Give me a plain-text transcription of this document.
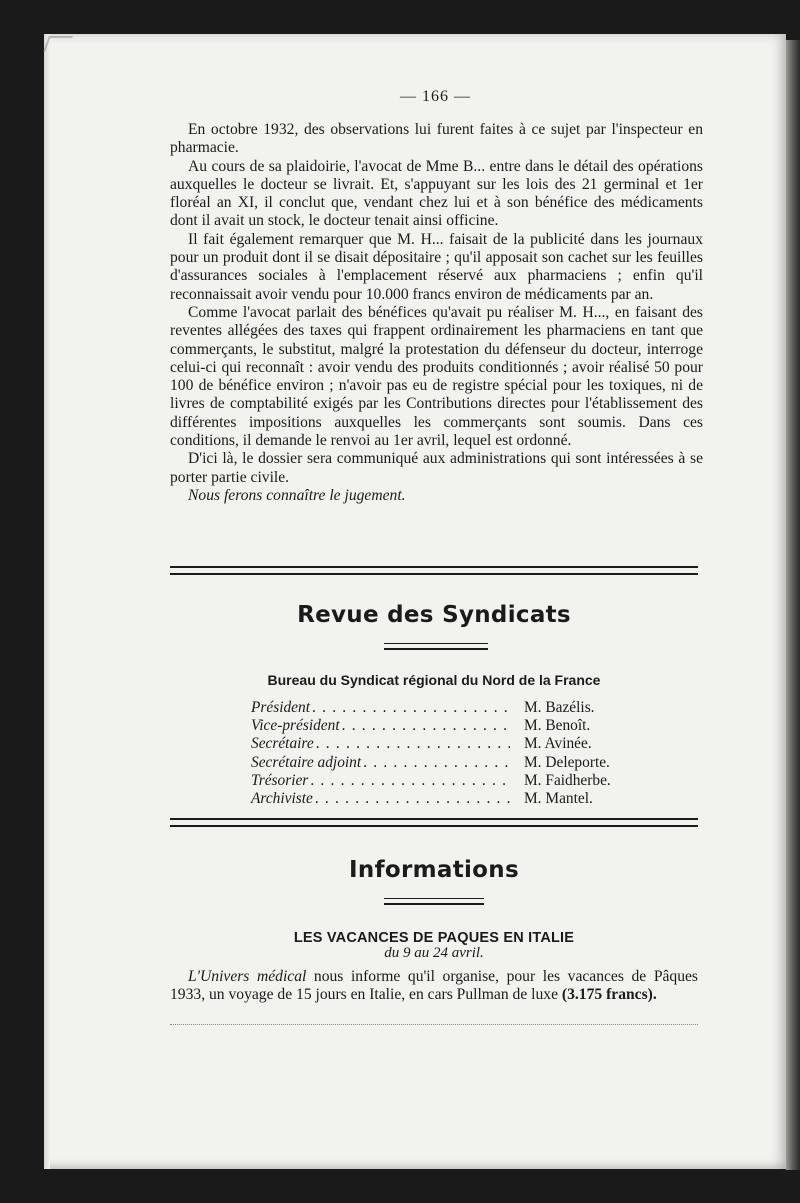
— 166 —

En octobre 1932, des observations lui furent faites à ce sujet par l'inspecteur en pharmacie.

Au cours de sa plaidoirie, l'avocat de Mme B... entre dans le détail des opérations auxquelles le docteur se livrait. Et, s'appuyant sur les lois des 21 germinal et 1er floréal an XI, il conclut que, vendant chez lui et à son bénéfice des médicaments dont il avait un stock, le docteur tenait ainsi officine.

Il fait également remarquer que M. H... faisait de la publicité dans les journaux pour un produit dont il se disait dépositaire ; qu'il apposait son cachet sur les feuilles d'assurances sociales à l'emplacement réservé aux pharmaciens ; enfin qu'il reconnaissait avoir vendu pour 10.000 francs environ de médicaments par an.

Comme l'avocat parlait des bénéfices qu'avait pu réaliser M. H..., en faisant des reventes allégées des taxes qui frappent ordinairement les pharmaciens en tant que commerçants, le substitut, malgré la protestation du défenseur du docteur, interroge celui-ci qui reconnaît : avoir vendu des produits conditionnés ; avoir réalisé 50 pour 100 de bénéfice environ ; n'avoir pas eu de registre spécial pour les toxiques, ni de livres de comptabilité exigés par les Contributions directes pour l'établissement des différentes impositions auxquelles les commerçants sont soumis. Dans ces conditions, il demande le renvoi au 1er avril, lequel est ordonné.

D'ici là, le dossier sera communiqué aux administrations qui sont intéressées à se porter partie civile.

Nous ferons connaître le jugement.

Revue des Syndicats
Bureau du Syndicat régional du Nord de la France
Président . . .	M. Bazélis.
Vice-président . . .	M. Benoît.
Secrétaire . . .	M. Avinée.
Secrétaire adjoint . . .	M. Deleporte.
Trésorier . . .	M. Faidherbe.
Archiviste . . .	M. Mantel.
Informations
LES VACANCES DE PAQUES EN ITALIE
du 9 au 24 avril.

L'Univers médical nous informe qu'il organise, pour les vacances de Pâques 1933, un voyage de 15 jours en Italie, en cars Pullman de luxe (3.175 francs).
